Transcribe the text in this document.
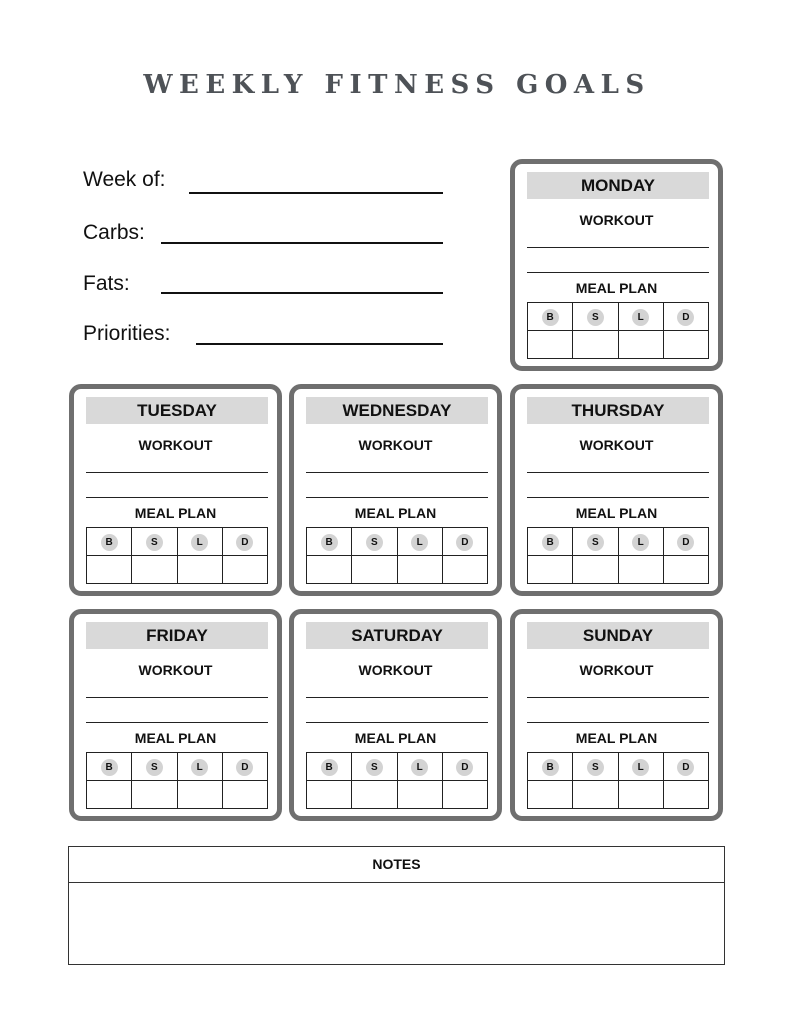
WEEKLY FITNESS GOALS
Week of:
Carbs:
Fats:
Priorities:
MONDAY
WORKOUT
MEAL PLAN
B	S	L	D

TUESDAY
WORKOUT
MEAL PLAN
B	S	L	D

WEDNESDAY
WORKOUT
MEAL PLAN
B	S	L	D

THURSDAY
WORKOUT
MEAL PLAN
B	S	L	D

FRIDAY
WORKOUT
MEAL PLAN
B	S	L	D

SATURDAY
WORKOUT
MEAL PLAN
B	S	L	D

SUNDAY
WORKOUT
MEAL PLAN
B	S	L	D

NOTES
